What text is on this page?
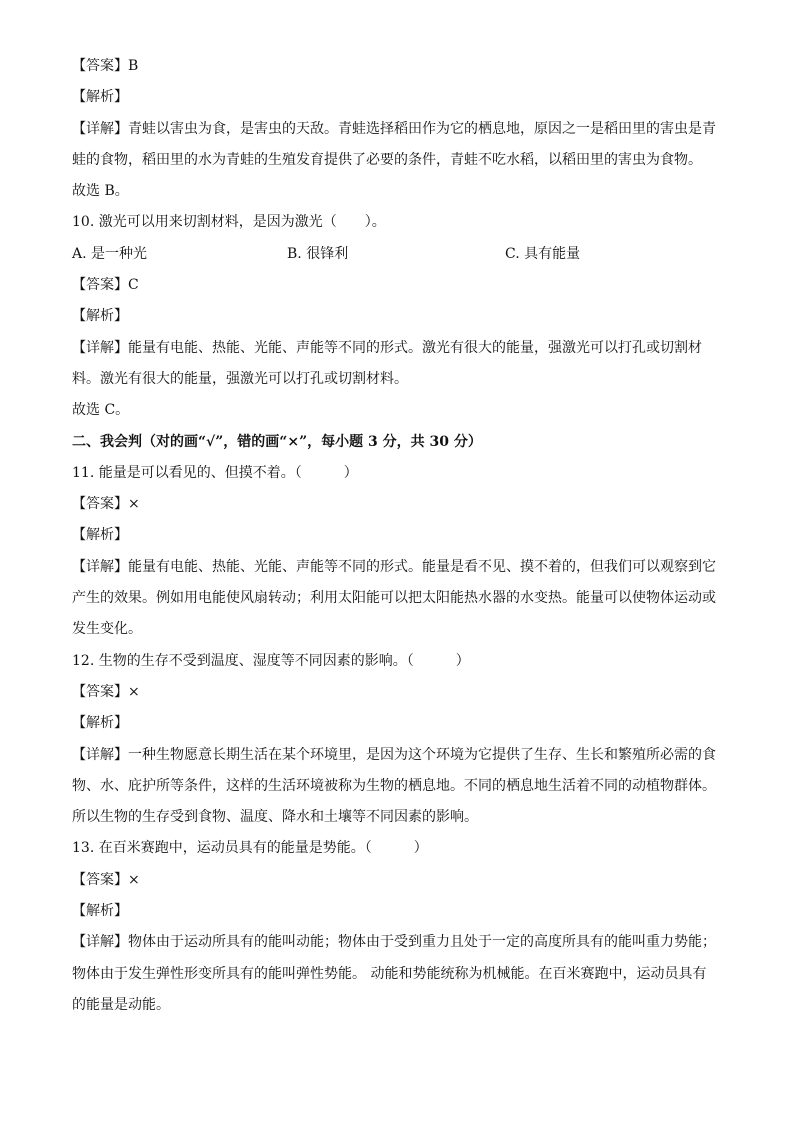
【答案】B
【解析】
【详解】青蛙以害虫为食，是害虫的天敌。青蛙选择稻田作为它的栖息地，原因之一是稻田里的害虫是青
蛙的食物，稻田里的水为青蛙的生殖发育提供了必要的条件，青蛙不吃水稻，以稻田里的害虫为食物。
故选 B。
10. 激光可以用来切割材料，是因为激光（　　）。
A. 是一种光	B. 很锋利	C. 具有能量
【答案】C
【解析】
【详解】能量有电能、热能、光能、声能等不同的形式。激光有很大的能量，强激光可以打孔或切割材
料。激光有很大的能量，强激光可以打孔或切割材料。
故选 C。
二、我会判（对的画“√”，错的画“×”，每小题 3 分，共 30 分）
11. 能量是可以看见的、但摸不着。（　　　）
【答案】×
【解析】
【详解】能量有电能、热能、光能、声能等不同的形式。能量是看不见、摸不着的，但我们可以观察到它
产生的效果。例如用电能使风扇转动；利用太阳能可以把太阳能热水器的水变热。能量可以使物体运动或
发生变化。
12. 生物的生存不受到温度、湿度等不同因素的影响。（　　　）
【答案】×
【解析】
【详解】一种生物愿意长期生活在某个环境里，是因为这个环境为它提供了生存、生长和繁殖所必需的食
物、水、庇护所等条件，这样的生活环境被称为生物的栖息地。不同的栖息地生活着不同的动植物群体。
所以生物的生存受到食物、温度、降水和土壤等不同因素的影响。
13. 在百米赛跑中，运动员具有的能量是势能。（　　　）
【答案】×
【解析】
【详解】物体由于运动所具有的能叫动能；物体由于受到重力且处于一定的高度所具有的能叫重力势能；
物体由于发生弹性形变所具有的能叫弹性势能。 动能和势能统称为机械能。在百米赛跑中，运动员具有
的能量是动能。
